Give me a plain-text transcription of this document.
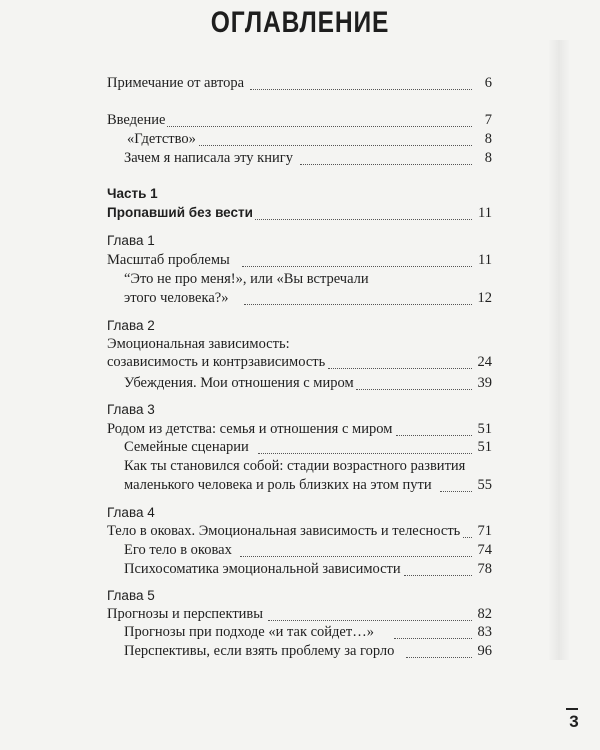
ОГЛАВЛЕНИЕ
Примечание от автора	6
Введение	7
«Гдетство»	8
Зачем я написала эту книгу	8
Часть 1
Пропавший без вести	11
Глава 1
Масштаб проблемы	11
“Это не про меня!», или «Вы встречали
этого человека?»	12
Глава 2
Эмоциональная зависимость:
созависимость и контрзависимость	24
Убеждения. Мои отношения с миром	39
Глава 3
Родом из детства: семья и отношения с миром	51
Семейные сценарии	51
Как ты становился собой: стадии возрастного развития
маленького человека и роль близких на этом пути	55
Глава 4
Тело в оковах. Эмоциональная зависимость и телесность	71
Его тело в оковах	74
Психосоматика эмоциональной зависимости	78
Глава 5
Прогнозы и перспективы	82
Прогнозы при подходе «и так сойдет…»	83
Перспективы, если взять проблему за горло	96
3
